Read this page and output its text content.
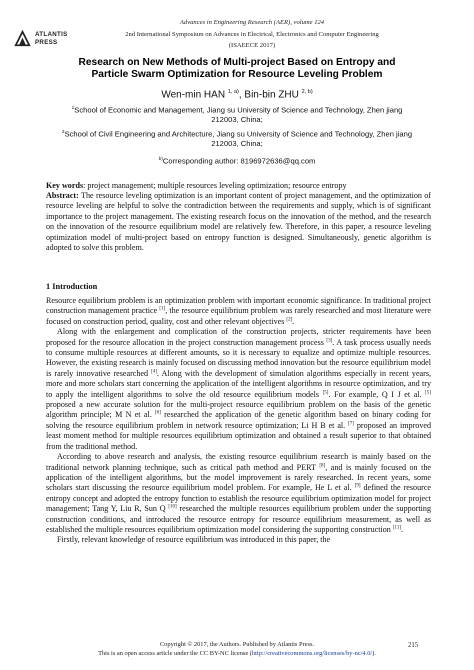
ATLANTIS
PRESS
Advances in Engineering Research (AER), volume 124
2nd International Symposium on Advances in Electrical, Electronics and Computer Engineering
(ISAEECE 2017)
Research on New Methods of Multi-project Based on Entropy and
Particle Swarm Optimization for Resource Leveling Problem
Wen-min HAN $^{1, a)}$, Bin-bin ZHU $^{2, b)}$
$^1$School of Economic and Management, Jiang su University of Science and Technology, Zhen jiang 212003, China;
$^2$School of Civil Engineering and Architecture, Jiang su University of Science and Technology, Zhen jiang 212003, China;
$^{b)}$Corresponding author: 8196972636@qq.com
Key words: project management; multiple resources leveling optimization; resource entropy
Abstract: The resource leveling optimization is an important content of project management, and the optimization of resource leveling are helpful to solve the contradiction between the requirements and supply, which is of significant importance to the project management. The existing research focus on the innovation of the method, and the research on the innovation of the resource equilibrium model are relatively few. Therefore, in this paper, a resource leveling optimization model of multi-project based on entropy function is designed. Simultaneously, genetic algorithm is adopted to solve this problem.
1 Introduction

Resource equilibrium problem is an optimization problem with important economic significance. In traditional project construction management practice [1], the resource equilibrium problem was rarely researched and most literature were focused on construction period, quality, cost and other relevant objectives [2].

Along with the enlargement and complication of the construction projects, stricter requirements have been proposed for the resource allocation in the project construction management process [3]. A task process usually needs to consume multiple resources at different amounts, so it is necessary to equalize and optimize multiple resources. However, the existing research is mainly focused on discussing method innovation but the resource equilibrium model is rarely innovative researched [4]. Along with the development of simulation algorithms especially in recent years, more and more scholars start concerning the application of the intelligent algorithms in resource optimization, and try to apply the intelligent algorithms to solve the old resource equilibrium models [5]. For example, Q I J et al. [5] proposed a new accurate solution for the multi-project resource equilibrium problem on the basis of the genetic algorithm principle; M N et al. [6] researched the application of the genetic algorithm based on binary coding for solving the resource equilibrium problem in network resource optimization; Li H B et al. [7] proposed an improved least moment method for multiple resources equilibrium optimization and obtained a result superior to that obtained from the traditional method.

According to above research and analysis, the existing resource equilibrium research is mainly based on the traditional network planning technique, such as critical path method and PERT [8], and is mainly focused on the application of the intelligent algorithms, but the model improvement is rarely researched. In recent years, some scholars start discussing the resource equilibrium model problem. For example, He L et al. [9] defined the resource entropy concept and adopted the entropy function to establish the resource equilibrium optimization model for project management; Tang Y, Liu R, Sun Q [10] researched the multiple resources equilibrium problem under the supporting construction conditions, and introduced the resource entropy for resource equilibrium measurement, as well as established the multiple resources equilibrium optimization model considering the supporting construction [11].

Firstly, relevant knowledge of resource equilibrium was introduced in this paper, the

Copyright © 2017, the Authors. Published by Atlantis Press.
This is an open access article under the CC BY-NC license (http://creativecommons.org/licenses/by-nc/4.0/).
215
